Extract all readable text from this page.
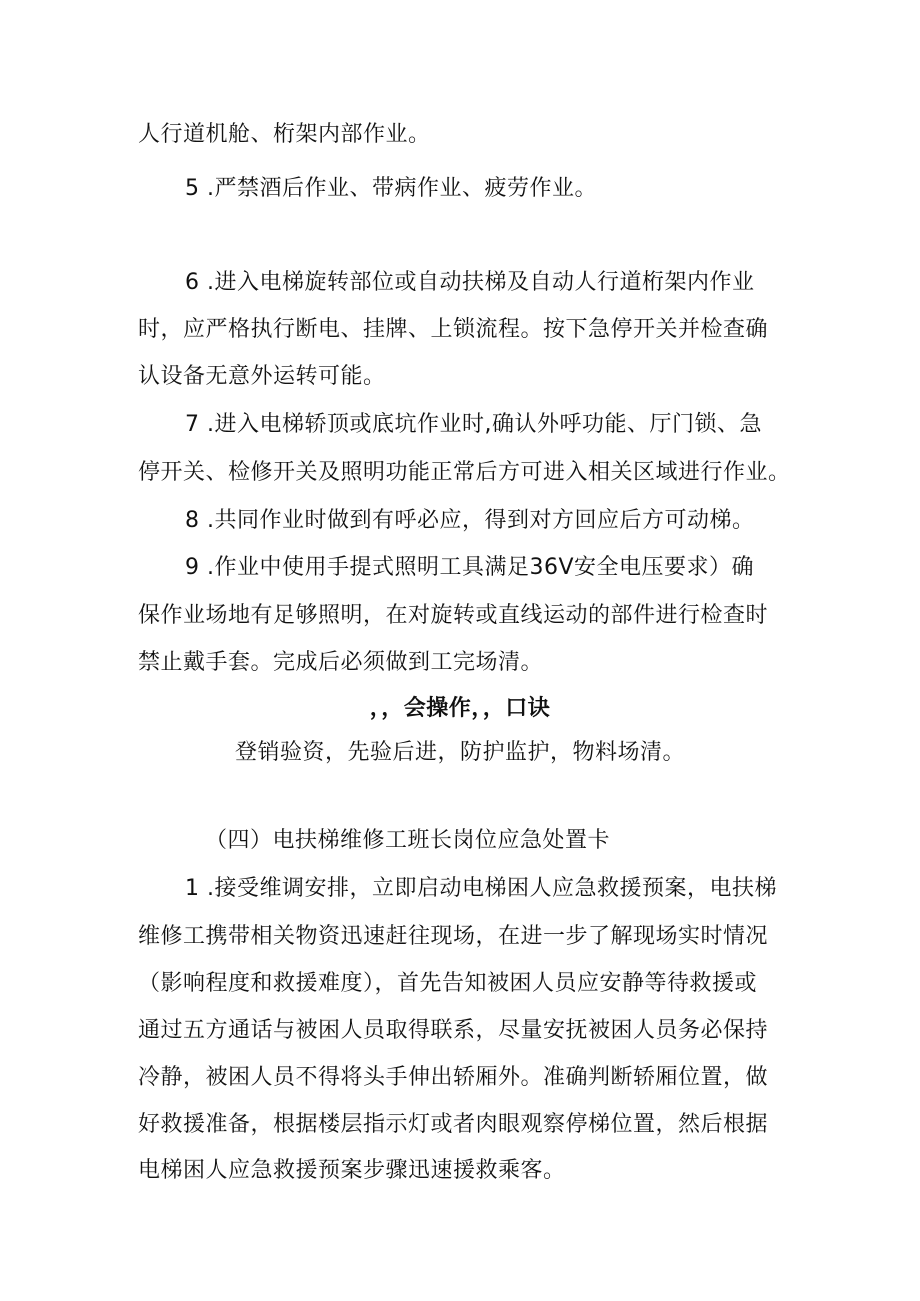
人行道机舱、桁架内部作业。
5 .严禁酒后作业、带病作业、疲劳作业。
6 .进入电梯旋转部位或自动扶梯及自动人行道桁架内作业
时，应严格执行断电、挂牌、上锁流程。按下急停开关并检查确
认设备无意外运转可能。
7 .进入电梯轿顶或底坑作业时,确认外呼功能、厅门锁、急
停开关、检修开关及照明功能正常后方可进入相关区域进行作业。
8 .共同作业时做到有呼必应，得到对方回应后方可动梯。
9 .作业中使用手提式照明工具满足36V安全电压要求）确
保作业场地有足够照明，在对旋转或直线运动的部件进行检查时
禁止戴手套。完成后必须做到工完场清。
，，会操作，，口诀
登销验资，先验后进，防护监护，物料场清。
（四）电扶梯维修工班长岗位应急处置卡
1 .接受维调安排，立即启动电梯困人应急救援预案，电扶梯
维修工携带相关物资迅速赶往现场，在进一步了解现场实时情况
（影响程度和救援难度），首先告知被困人员应安静等待救援或
通过五方通话与被困人员取得联系，尽量安抚被困人员务必保持
冷静，被困人员不得将头手伸出轿厢外。准确判断轿厢位置，做
好救援准备，根据楼层指示灯或者肉眼观察停梯位置，然后根据
电梯困人应急救援预案步骤迅速援救乘客。
